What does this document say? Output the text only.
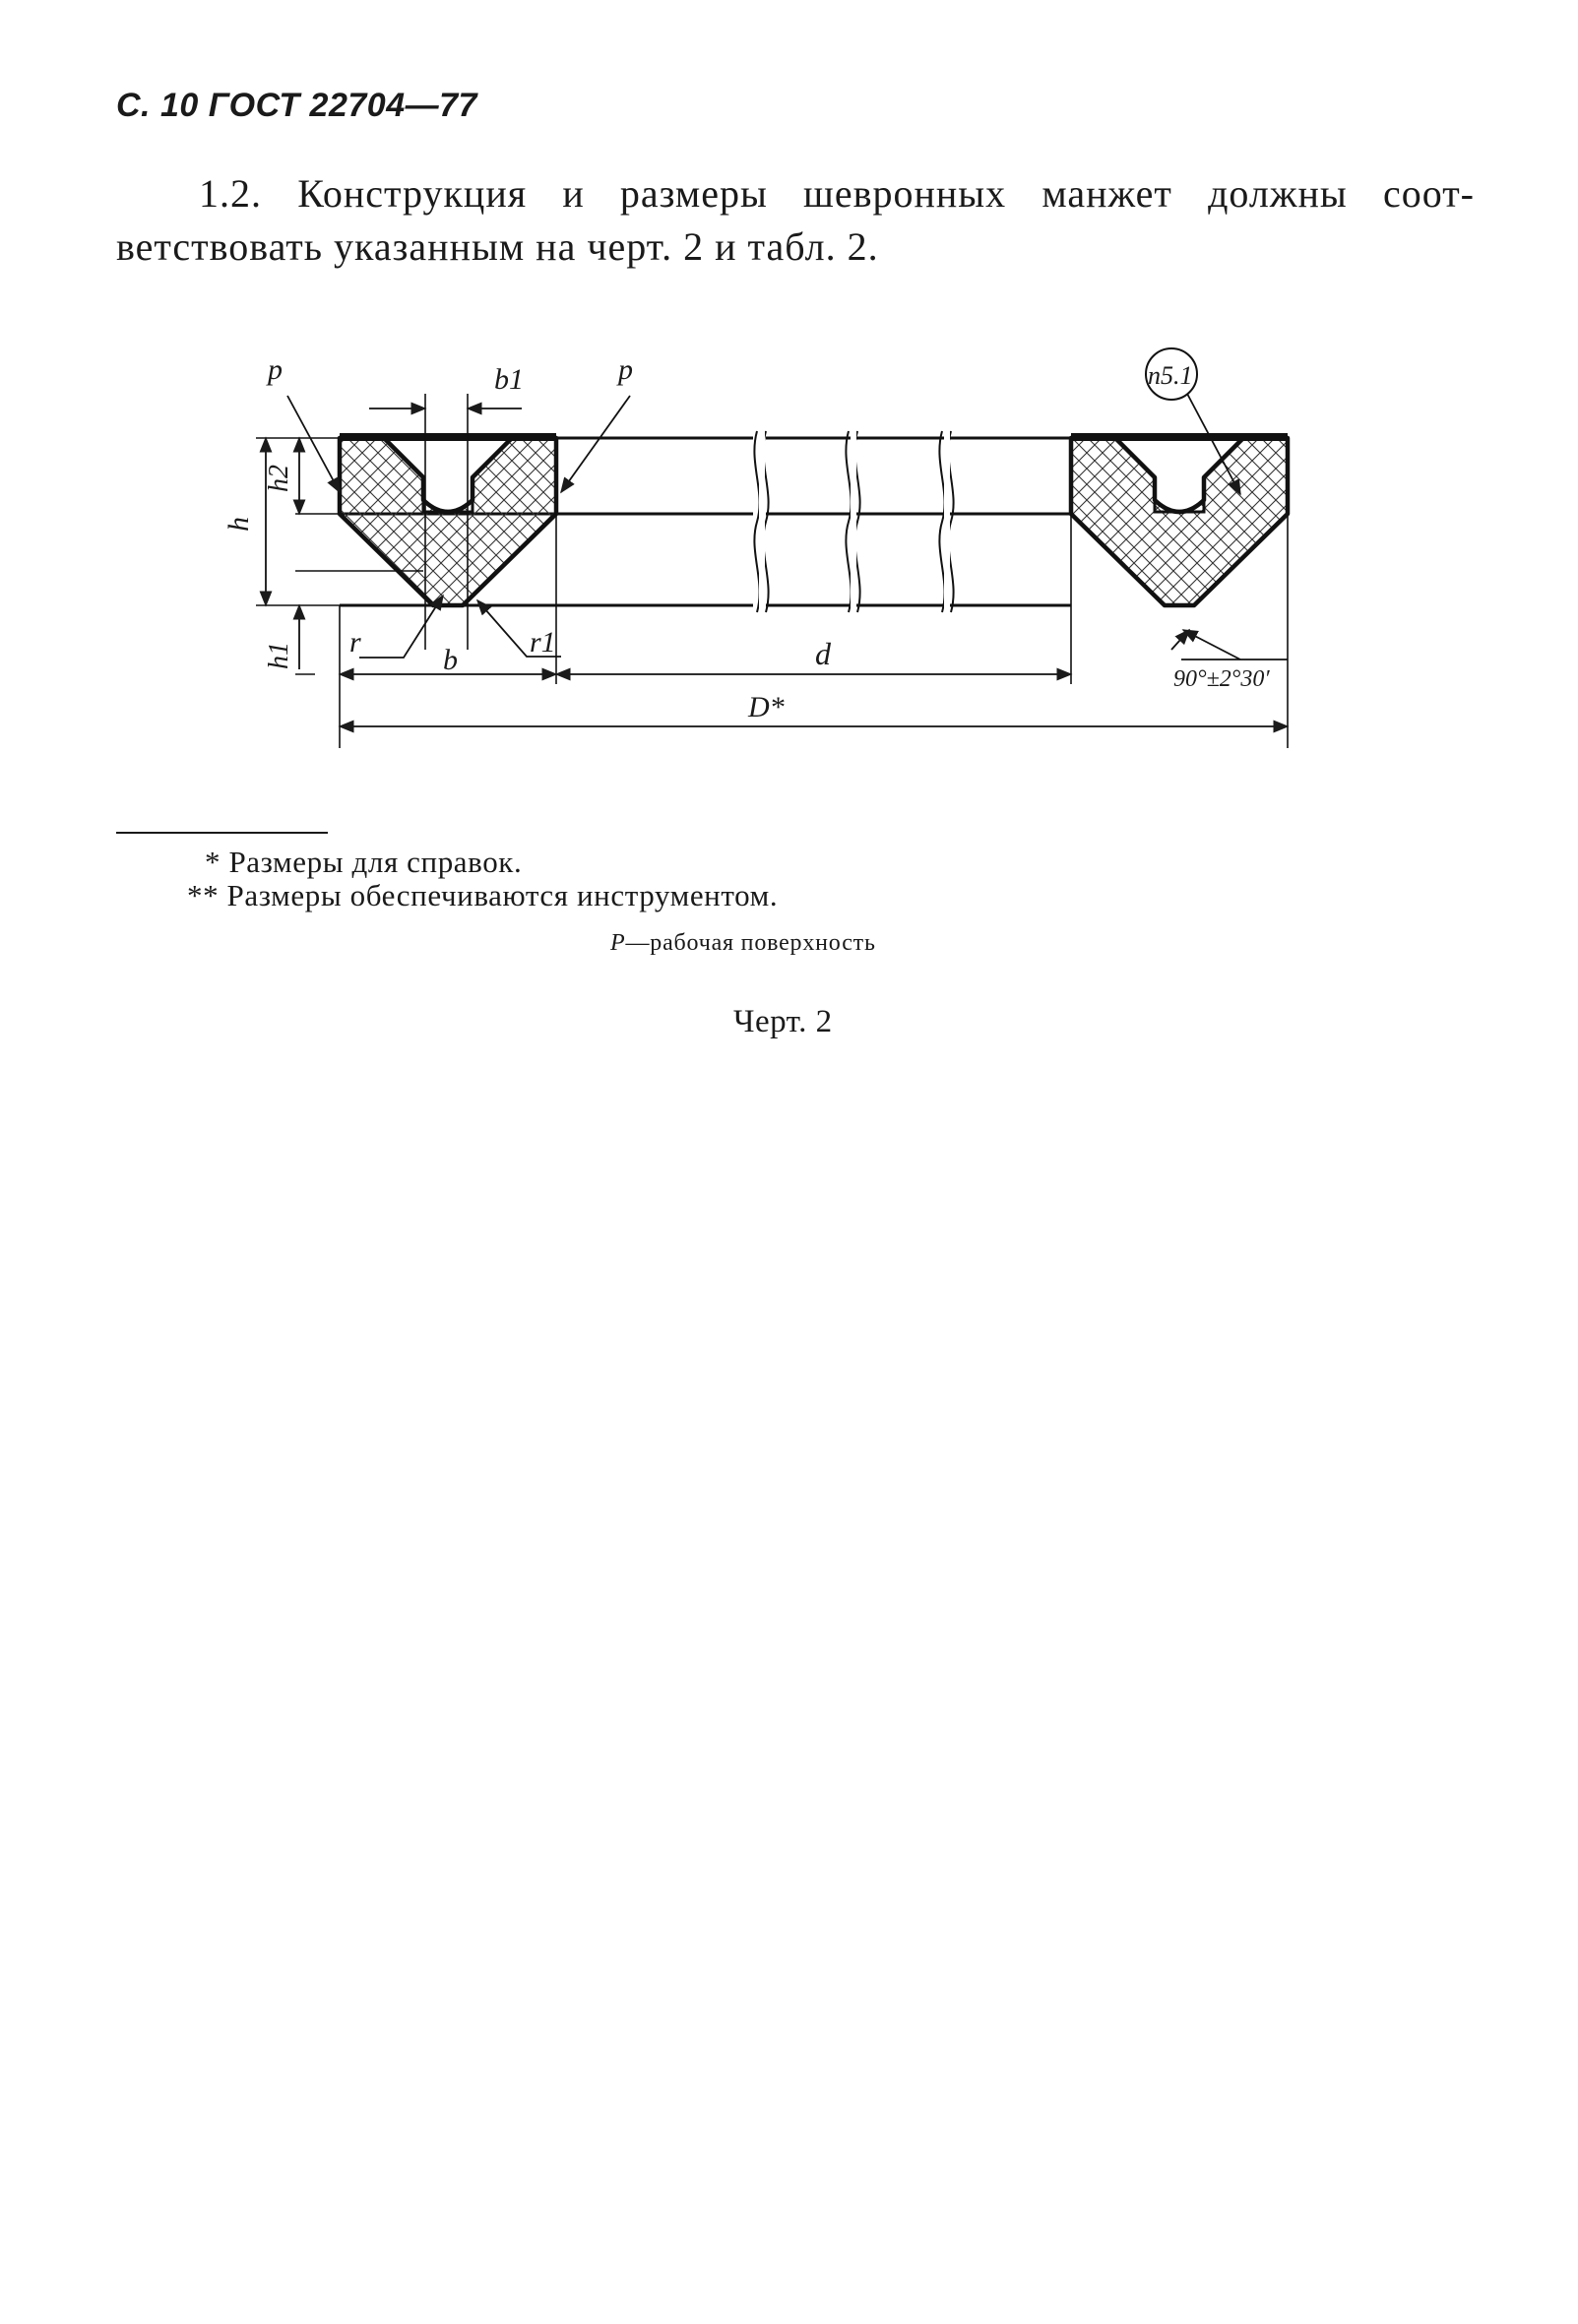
С. 10 ГОСТ 22704—77
1.2. Конструкция и размеры шевронных манжет должны соот-
ветствовать указанным на черт. 2 и табл. 2.
p	p
b1
h2
h
h1 r
b
r1	d
D*
п5.1
90°±2°30′
* Размеры для справок.
** Размеры обеспечиваются инструментом.
P—рабочая поверхность
Черт. 2
